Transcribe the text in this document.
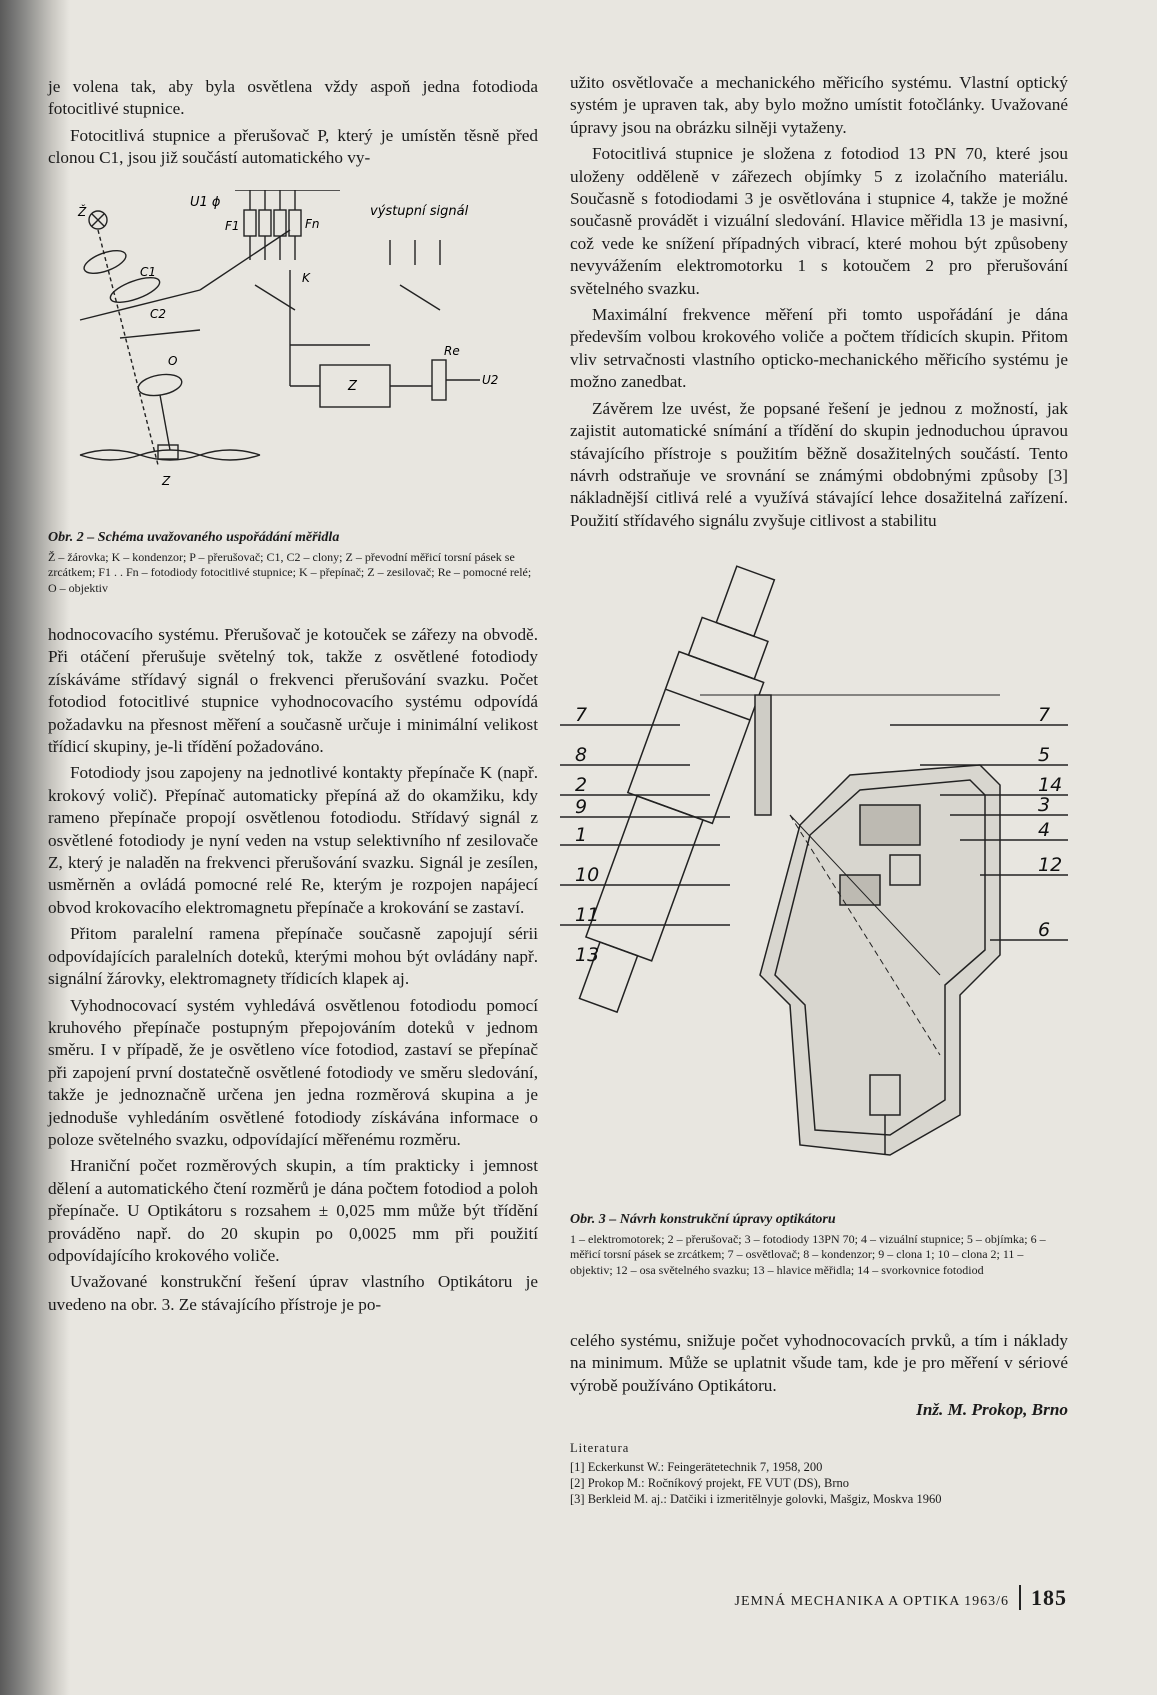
je volena tak, aby byla osvětlena vždy aspoň jedna fotodioda fotocitlivé stupnice.

Fotocitlivá stupnice a přerušovač P, který je umístěn těsně před clonou C1, jsou již součástí automatického vy-

U1 ϕ
výstupní signál
F1	Fn
K
C1
C2
O
Re
U2
Z
Z
Ž
Obr. 2 – Schéma uvažovaného uspořádání měřidla
Ž – žárovka; K – kondenzor; P – přerušovač; C1, C2 – clony; Z – převodní měřicí torsní pásek se zrcátkem; F1 . . Fn – fotodiody fotocitlivé stupnice; K – přepínač; Z – zesilovač; Re – pomocné relé; O – objektiv

hodnocovacího systému. Přerušovač je kotouček se zářezy na obvodě. Při otáčení přerušuje světelný tok, takže z osvětlené fotodiody získáváme střídavý signál o frekvenci přerušování svazku. Počet fotodiod fotocitlivé stupnice vyhodnocovacího systému odpovídá požadavku na přesnost měření a současně určuje i minimální velikost třídicí skupiny, je-li třídění požadováno.

Fotodiody jsou zapojeny na jednotlivé kontakty přepínače K (např. krokový volič). Přepínač automaticky přepíná až do okamžiku, kdy rameno přepínače propojí osvětlenou fotodiodu. Střídavý signál z osvětlené fotodiody je nyní veden na vstup selektivního nf zesilovače Z, který je naladěn na frekvenci přerušování svazku. Signál je zesílen, usměrněn a ovládá pomocné relé Re, kterým je rozpojen napájecí obvod krokovacího elektromagnetu přepínače a krokování se zastaví.

Přitom paralelní ramena přepínače současně zapojují sérii odpovídajících paralelních doteků, kterými mohou být ovládány např. signální žárovky, elektromagnety třídicích klapek aj.

Vyhodnocovací systém vyhledává osvětlenou fotodiodu pomocí kruhového přepínače postupným přepojováním doteků v jednom směru. I v případě, že je osvětleno více fotodiod, zastaví se přepínač při zapojení první dostatečně osvětlené fotodiody ve směru sledování, takže je jednoznačně určena jen jedna rozměrová skupina a je jednoduše vyhledáním osvětlené fotodiody získávána informace o poloze světelného svazku, odpovídající měřenému rozměru.

Hraniční počet rozměrových skupin, a tím prakticky i jemnost dělení a automatického čtení rozměrů je dána počtem fotodiod a poloh přepínače. U Optikátoru s rozsahem ± 0,025 mm může být třídění prováděno např. do 20 skupin po 0,0025 mm při použití odpovídajícího krokového voliče.

Uvažované konstrukční řešení úprav vlastního Optikátoru je uvedeno na obr. 3. Ze stávajícího přístroje je po-

užito osvětlovače a mechanického měřicího systému. Vlastní optický systém je upraven tak, aby bylo možno umístit fotočlánky. Uvažované úpravy jsou na obrázku silněji vytaženy.

Fotocitlivá stupnice je složena z fotodiod 13 PN 70, které jsou uloženy odděleně v zářezech objímky 5 z izolačního materiálu. Současně s fotodiodami 3 je osvětlována i stupnice 4, takže je možné současně provádět i vizuální sledování. Hlavice měřidla 13 je masivní, což vede ke snížení případných vibrací, které mohou být způsobeny nevyvážením elektromotorku 1 s kotoučem 2 pro přerušování světelného svazku.

Maximální frekvence měření při tomto uspořádání je dána především volbou krokového voliče a počtem třídicích skupin. Přitom vliv setrvačnosti vlastního opticko-mechanického měřicího systému je možno zanedbat.

Závěrem lze uvést, že popsané řešení je jednou z možností, jak zajistit automatické snímání a třídění do skupin jednoduchou úpravou stávajícího přístroje s použitím běžně dosažitelných součástí. Tento návrh odstraňuje ve srovnání se známými obdobnými způsoby [3] nákladnější citlivá relé a využívá stávající lehce dosažitelná zařízení. Použití střídavého signálu zvyšuje citlivost a stabilitu

7
8
2
9
1
10
11
13
7
5
14
3
4
12
6
Obr. 3 – Návrh konstrukční úpravy optikátoru
1 – elektromotorek; 2 – přerušovač; 3 – fotodiody 13PN 70; 4 – vizuální stupnice; 5 – objímka; 6 – měřicí torsní pásek se zrcátkem; 7 – osvětlovač; 8 – kondenzor; 9 – clona 1; 10 – clona 2; 11 – objektiv; 12 – osa světelného svazku; 13 – hlavice měřidla; 14 – svorkovnice fotodiod

celého systému, snižuje počet vyhodnocovacích prvků, a tím i náklady na minimum. Může se uplatnit všude tam, kde je pro měření v sériové výrobě používáno Optikátoru.

Inž. M. Prokop, Brno
Literatura
[1] Eckerkunst W.: Feingerätetechnik 7, 1958, 200
[2] Prokop M.: Ročníkový projekt, FE VUT (DS), Brno
[3] Berkleid M. aj.: Datčiki i izmeritělnyje golovki, Mašgiz, Moskva 1960
JEMNÁ MECHANIKA A OPTIKA 1963/6 185
